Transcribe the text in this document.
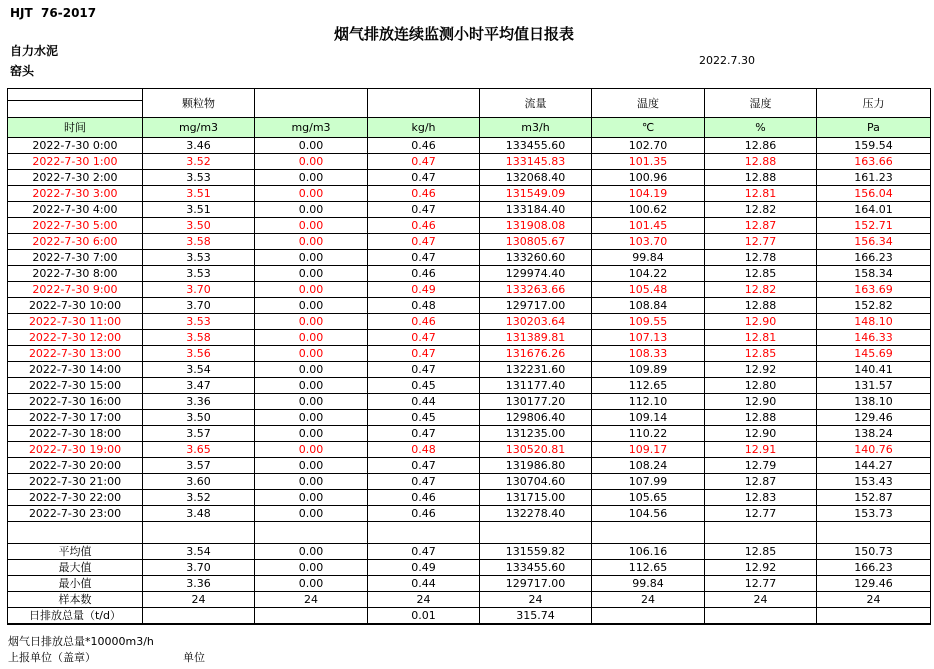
HJT  76-2017
烟气排放连续监测小时平均值日报表
自力水泥
窑头
2022.7.30
	颗粒物			流量	温度	湿度	压力

时间	mg/m3	mg/m3	kg/h	m3/h	℃	%	Pa
2022-7-30 0:00	3.46	0.00	0.46	133455.60	102.70	12.86	159.54
2022-7-30 1:00	3.52	0.00	0.47	133145.83	101.35	12.88	163.66
2022-7-30 2:00	3.53	0.00	0.47	132068.40	100.96	12.88	161.23
2022-7-30 3:00	3.51	0.00	0.46	131549.09	104.19	12.81	156.04
2022-7-30 4:00	3.51	0.00	0.47	133184.40	100.62	12.82	164.01
2022-7-30 5:00	3.50	0.00	0.46	131908.08	101.45	12.87	152.71
2022-7-30 6:00	3.58	0.00	0.47	130805.67	103.70	12.77	156.34
2022-7-30 7:00	3.53	0.00	0.47	133260.60	99.84	12.78	166.23
2022-7-30 8:00	3.53	0.00	0.46	129974.40	104.22	12.85	158.34
2022-7-30 9:00	3.70	0.00	0.49	133263.66	105.48	12.82	163.69
2022-7-30 10:00	3.70	0.00	0.48	129717.00	108.84	12.88	152.82
2022-7-30 11:00	3.53	0.00	0.46	130203.64	109.55	12.90	148.10
2022-7-30 12:00	3.58	0.00	0.47	131389.81	107.13	12.81	146.33
2022-7-30 13:00	3.56	0.00	0.47	131676.26	108.33	12.85	145.69
2022-7-30 14:00	3.54	0.00	0.47	132231.60	109.89	12.92	140.41
2022-7-30 15:00	3.47	0.00	0.45	131177.40	112.65	12.80	131.57
2022-7-30 16:00	3.36	0.00	0.44	130177.20	112.10	12.90	138.10
2022-7-30 17:00	3.50	0.00	0.45	129806.40	109.14	12.88	129.46
2022-7-30 18:00	3.57	0.00	0.47	131235.00	110.22	12.90	138.24
2022-7-30 19:00	3.65	0.00	0.48	130520.81	109.17	12.91	140.76
2022-7-30 20:00	3.57	0.00	0.47	131986.80	108.24	12.79	144.27
2022-7-30 21:00	3.60	0.00	0.47	130704.60	107.99	12.87	153.43
2022-7-30 22:00	3.52	0.00	0.46	131715.00	105.65	12.83	152.87
2022-7-30 23:00	3.48	0.00	0.46	132278.40	104.56	12.77	153.73

平均值	3.54	0.00	0.47	131559.82	106.16	12.85	150.73
最大值	3.70	0.00	0.49	133455.60	112.65	12.92	166.23
最小值	3.36	0.00	0.44	129717.00	99.84	12.77	129.46
样本数	24	24	24	24	24	24	24
日排放总量（t/d）			0.01	315.74			
烟气日排放总量*10000m3/h
上报单位（盖章）	单位
